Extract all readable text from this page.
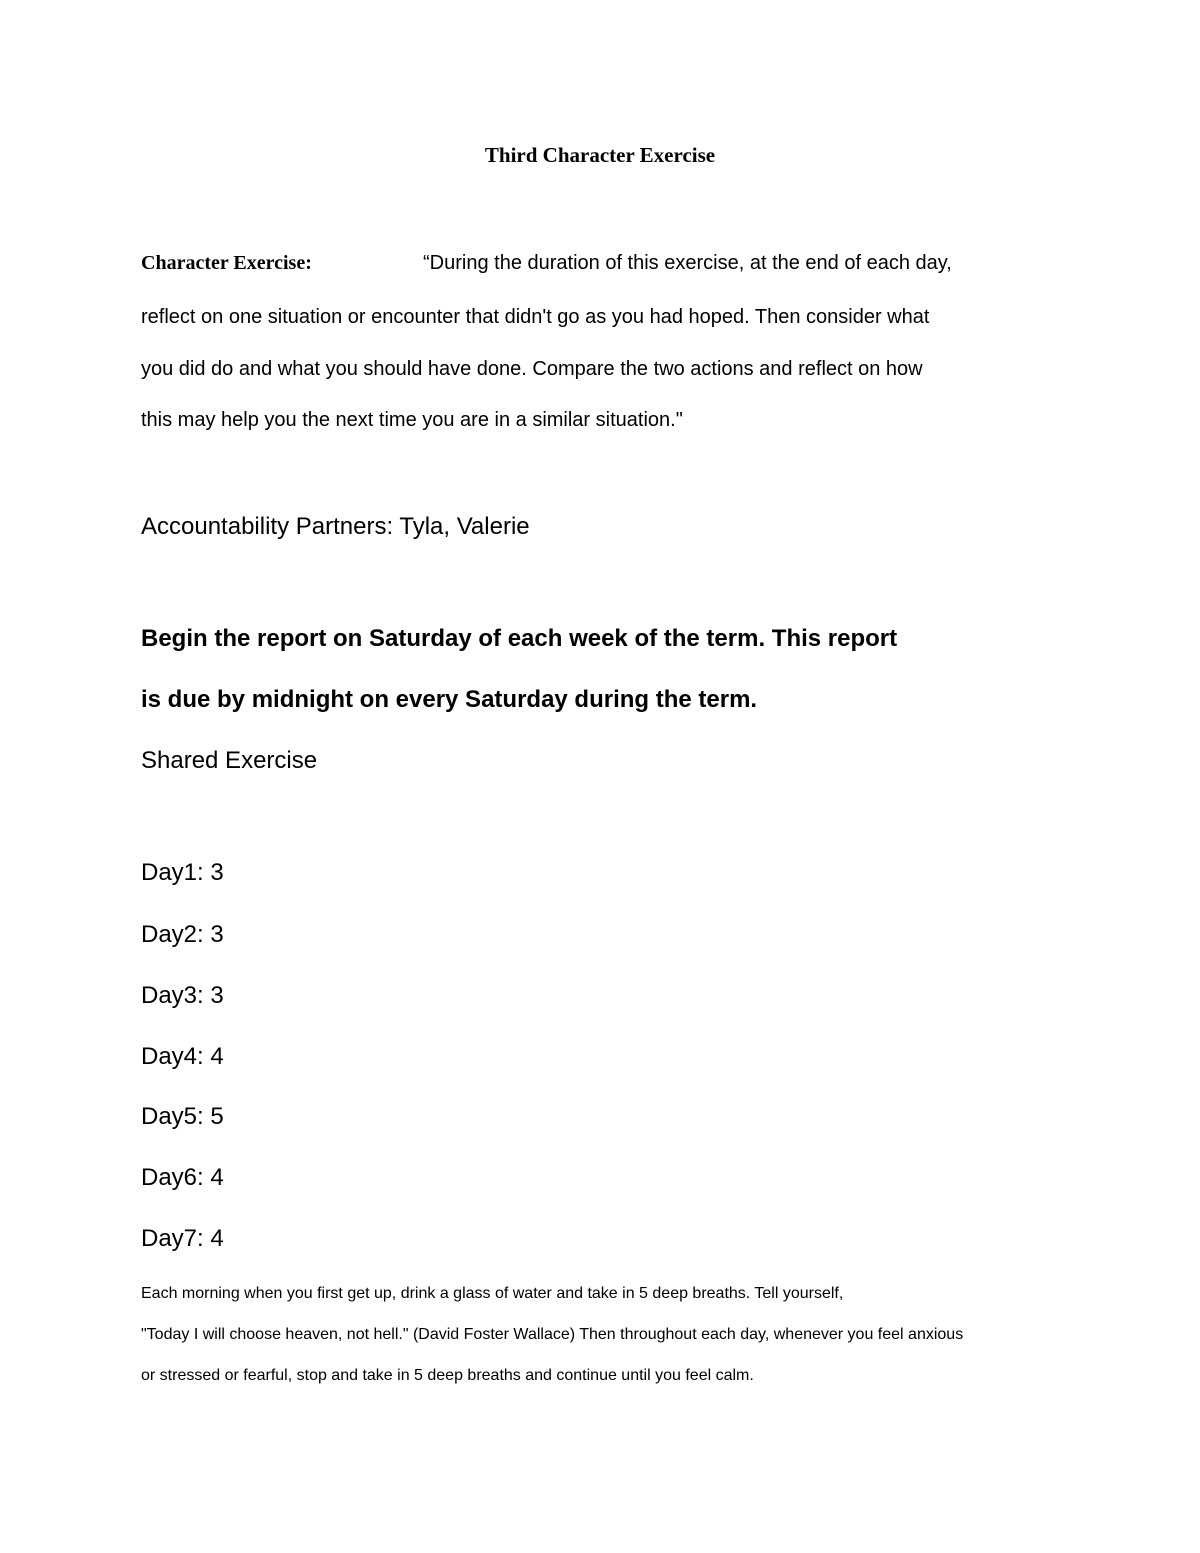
Third Character Exercise
Character Exercise:	“During the duration of this exercise, at the end of each day,
reflect on one situation or encounter that didn't go as you had hoped. Then consider what
you did do and what you should have done. Compare the two actions and reflect on how
this may help you the next time you are in a similar situation."
Accountability Partners: Tyla, Valerie
Begin the report on Saturday of each week of the term. This report
is due by midnight on every Saturday during the term.
Shared Exercise
Day1: 3
Day2: 3
Day3: 3
Day4: 4
Day5: 5
Day6: 4
Day7: 4
Each morning when you first get up, drink a glass of water and take in 5 deep breaths. Tell yourself,
"Today I will choose heaven, not hell." (David Foster Wallace) Then throughout each day, whenever you feel anxious
or stressed or fearful, stop and take in 5 deep breaths and continue until you feel calm.
